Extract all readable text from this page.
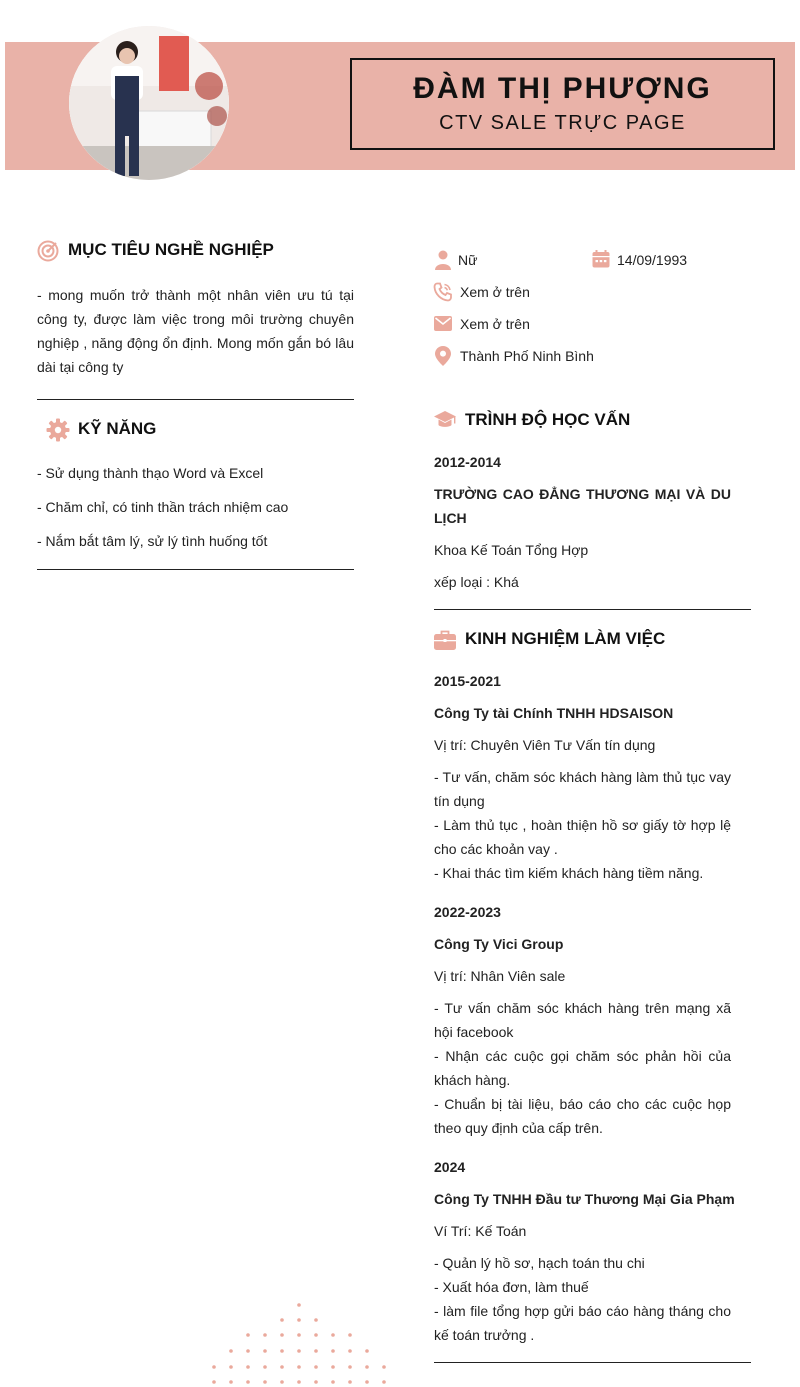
ĐÀM THỊ PHƯỢNG
CTV SALE TRỰC PAGE
MỤC TIÊU NGHỀ NGHIỆP
- mong muốn trở thành một nhân viên ưu tú tại công ty, được làm việc trong môi trường chuyên nghiệp , năng động ổn định. Mong mốn gắn bó lâu dài tại công ty
KỸ NĂNG
- Sử dụng thành thạo Word và Excel
- Chăm chỉ, có tinh thần trách nhiệm cao
- Nắm bắt tâm lý, sử lý tình huống tốt
Nữ	14/09/1993
Xem ở trên
Xem ở trên
Thành Phố Ninh Bình
TRÌNH ĐỘ HỌC VẤN
2012-2014
TRƯỜNG CAO ĐẲNG THƯƠNG MẠI VÀ DU LỊCH
Khoa Kế Toán Tổng Hợp
xếp loại : Khá
KINH NGHIỆM LÀM VIỆC
2015-2021
Công Ty tài Chính TNHH HDSAISON
Vị trí: Chuyên Viên Tư Vấn tín dụng
- Tư vấn, chăm sóc khách hàng làm thủ tục vay tín dụng
- Làm thủ tục , hoàn thiện hồ sơ giấy tờ hợp lệ cho các khoản vay .
- Khai thác tìm kiếm khách hàng tiềm năng.
2022-2023
Công Ty Vici Group
Vị trí: Nhân Viên sale
- Tư vấn chăm sóc khách hàng trên mạng xã hội facebook
- Nhận các cuộc gọi chăm sóc phản hồi của khách hàng.
- Chuẩn bị tài liệu, báo cáo cho các cuộc họp theo quy định của cấp trên.
2024
Công Ty TNHH Đầu tư Thương Mại Gia Phạm
Ví Trí: Kế Toán
- Quản lý hồ sơ, hạch toán thu chi
- Xuất hóa đơn, làm thuế
- làm file tổng hợp gửi báo cáo hàng tháng cho kế toán trưởng .
